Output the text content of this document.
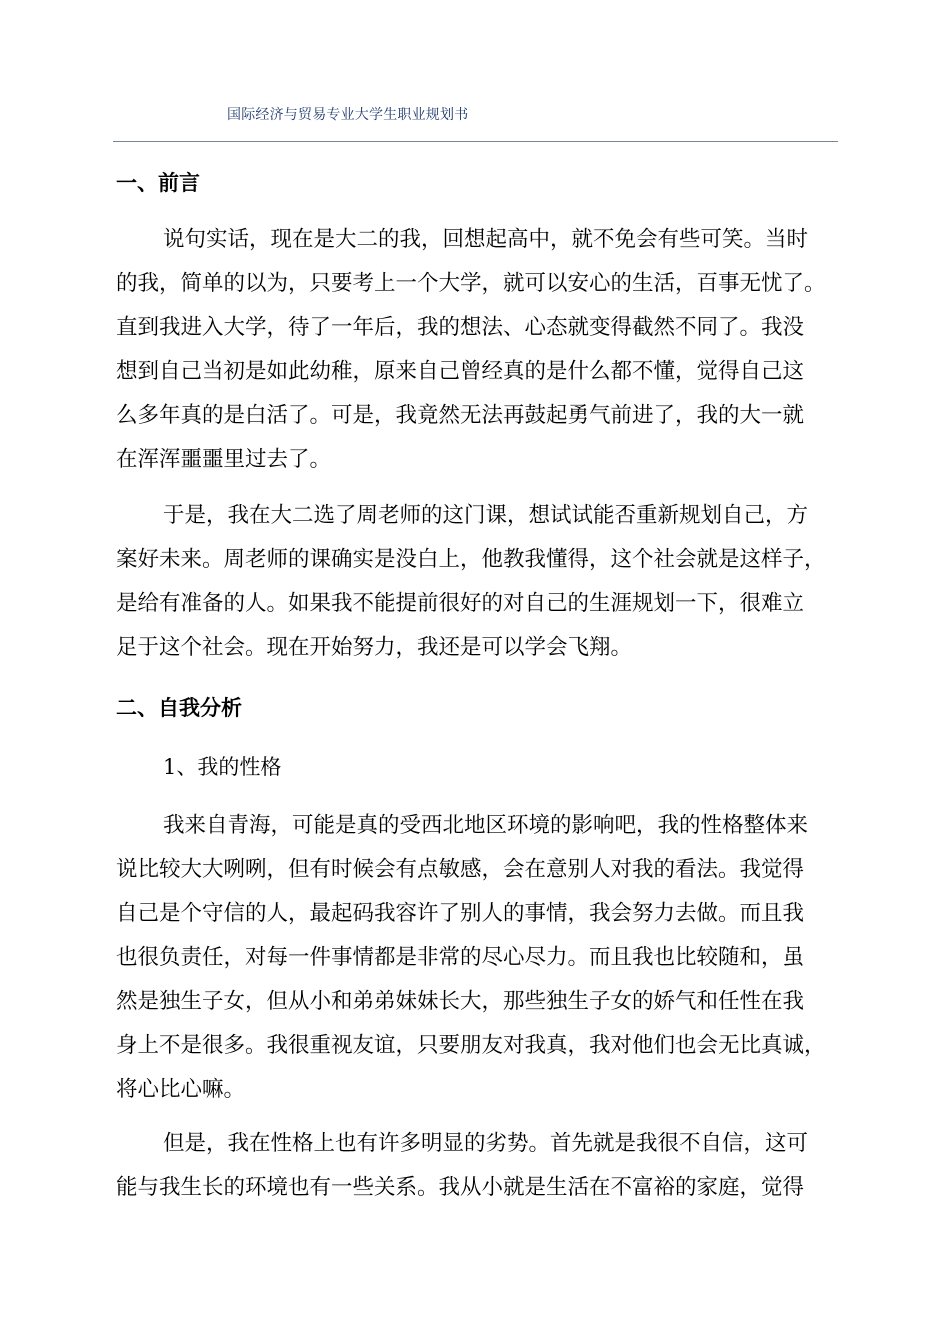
国际经济与贸易专业大学生职业规划书
一、前言
说句实话，现在是大二的我，回想起高中，就不免会有些可笑。当时
的我，简单的以为，只要考上一个大学，就可以安心的生活，百事无忧了。
直到我进入大学，待了一年后，我的想法、心态就变得截然不同了。我没
想到自己当初是如此幼稚，原来自己曾经真的是什么都不懂，觉得自己这
么多年真的是白活了。可是，我竟然无法再鼓起勇气前进了，我的大一就
在浑浑噩噩里过去了。
于是，我在大二选了周老师的这门课，想试试能否重新规划自己，方
案好未来。周老师的课确实是没白上，他教我懂得，这个社会就是这样子，
是给有准备的人。如果我不能提前很好的对自己的生涯规划一下，很难立
足于这个社会。现在开始努力，我还是可以学会飞翔。
二、自我分析
1、我的性格
我来自青海，可能是真的受西北地区环境的影响吧，我的性格整体来
说比较大大咧咧，但有时候会有点敏感，会在意别人对我的看法。我觉得
自己是个守信的人，最起码我容许了别人的事情，我会努力去做。而且我
也很负责任，对每一件事情都是非常的尽心尽力。而且我也比较随和，虽
然是独生子女，但从小和弟弟妹妹长大，那些独生子女的娇气和任性在我
身上不是很多。我很重视友谊，只要朋友对我真，我对他们也会无比真诚，
将心比心嘛。
但是，我在性格上也有许多明显的劣势。首先就是我很不自信，这可
能与我生长的环境也有一些关系。我从小就是生活在不富裕的家庭，觉得
